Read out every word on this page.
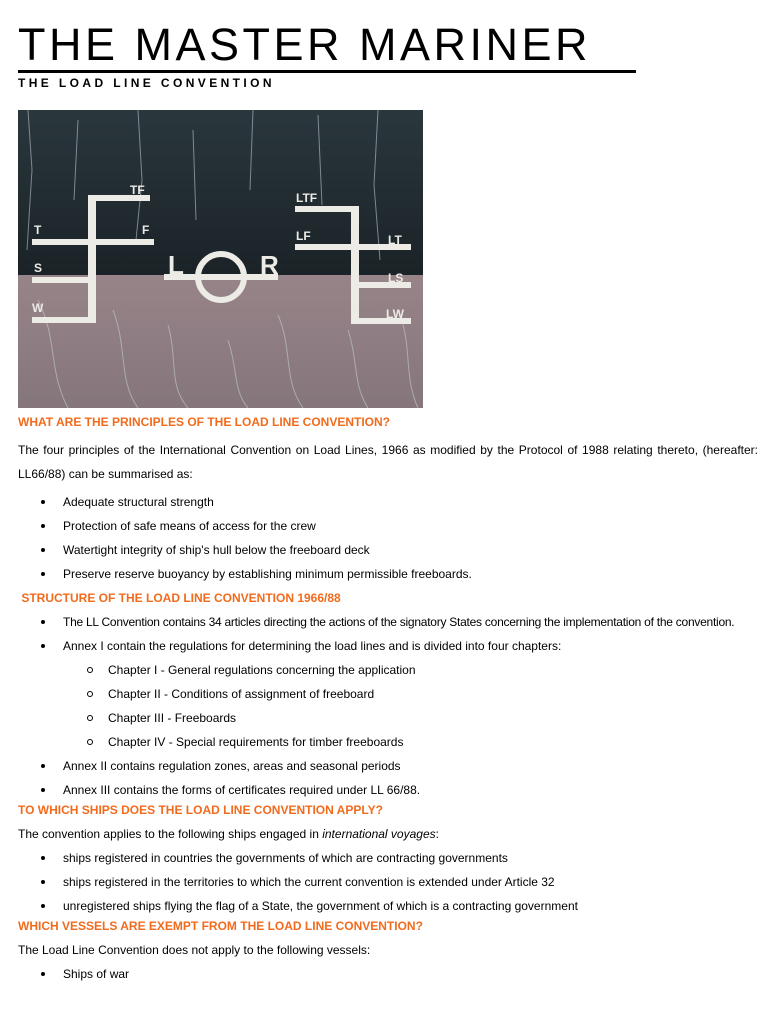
THE MASTER MARINER
THE LOAD LINE CONVENTION
TF
T	F
S
W
LTF
LF	LT
LS
LW
L	R
WHAT ARE THE PRINCIPLES OF THE LOAD LINE CONVENTION?

The four principles of the International Convention on Load Lines, 1966 as modified by the Protocol of 1988 relating thereto, (hereafter: LL66/88) can be summarised as:

Adequate structural strength
Protection of safe means of access for the crew
Watertight integrity of ship's hull below the freeboard deck
Preserve reserve buoyancy by establishing minimum permissible freeboards.
STRUCTURE OF THE LOAD LINE CONVENTION 1966/88
The LL Convention contains 34 articles directing the actions of the signatory States concerning the implementation of the convention.
Annex I contain the regulations for determining the load lines and is divided into four chapters:
Chapter I - General regulations concerning the application
Chapter II - Conditions of assignment of freeboard
Chapter III - Freeboards
Chapter IV - Special requirements for timber freeboards
Annex II contains regulation zones, areas and seasonal periods
Annex III contains the forms of certificates required under LL 66/88.
TO WHICH SHIPS DOES THE LOAD LINE CONVENTION APPLY?

The convention applies to the following ships engaged in international voyages:

ships registered in countries the governments of which are contracting governments
ships registered in the territories to which the current convention is extended under Article 32
unregistered ships flying the flag of a State, the government of which is a contracting government
WHICH VESSELS ARE EXEMPT FROM THE LOAD LINE CONVENTION?

The Load Line Convention does not apply to the following vessels:

Ships of war
